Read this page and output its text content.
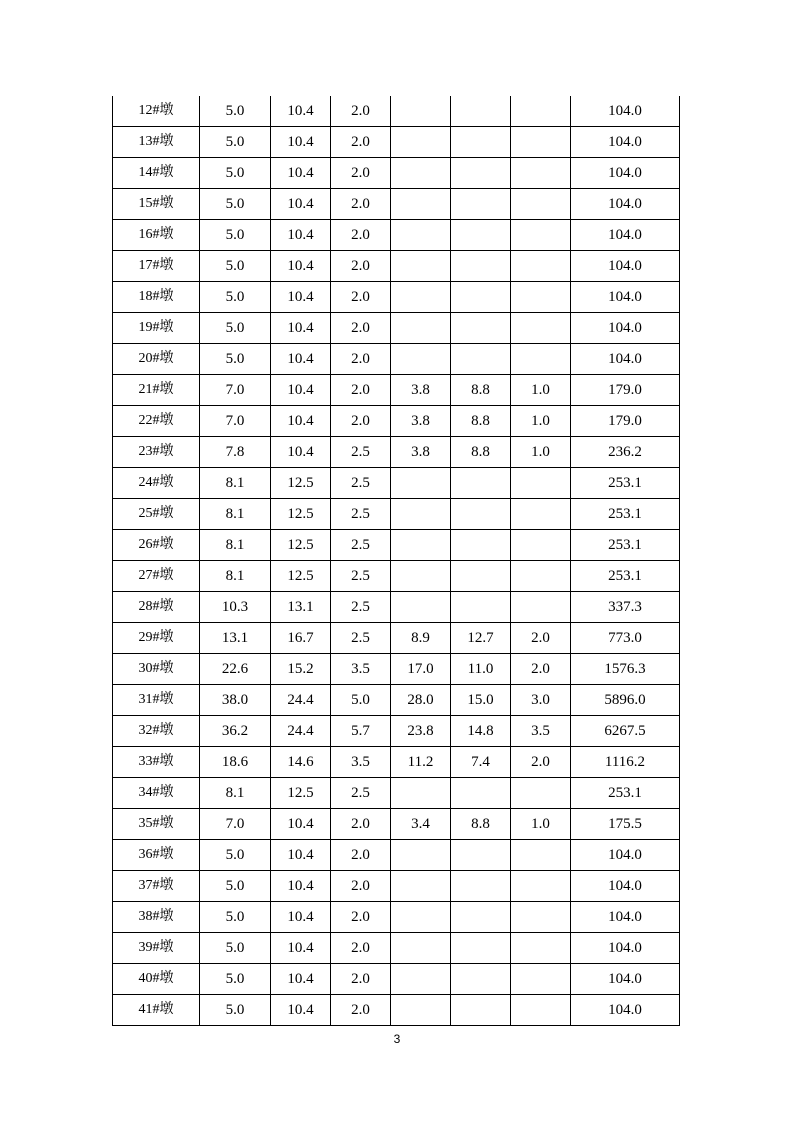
12#墩	5.0	10.4	2.0				104.0
13#墩	5.0	10.4	2.0				104.0
14#墩	5.0	10.4	2.0				104.0
15#墩	5.0	10.4	2.0				104.0
16#墩	5.0	10.4	2.0				104.0
17#墩	5.0	10.4	2.0				104.0
18#墩	5.0	10.4	2.0				104.0
19#墩	5.0	10.4	2.0				104.0
20#墩	5.0	10.4	2.0				104.0
21#墩	7.0	10.4	2.0	3.8	8.8	1.0	179.0
22#墩	7.0	10.4	2.0	3.8	8.8	1.0	179.0
23#墩	7.8	10.4	2.5	3.8	8.8	1.0	236.2
24#墩	8.1	12.5	2.5				253.1
25#墩	8.1	12.5	2.5				253.1
26#墩	8.1	12.5	2.5				253.1
27#墩	8.1	12.5	2.5				253.1
28#墩	10.3	13.1	2.5				337.3
29#墩	13.1	16.7	2.5	8.9	12.7	2.0	773.0
30#墩	22.6	15.2	3.5	17.0	11.0	2.0	1576.3
31#墩	38.0	24.4	5.0	28.0	15.0	3.0	5896.0
32#墩	36.2	24.4	5.7	23.8	14.8	3.5	6267.5
33#墩	18.6	14.6	3.5	11.2	7.4	2.0	1116.2
34#墩	8.1	12.5	2.5				253.1
35#墩	7.0	10.4	2.0	3.4	8.8	1.0	175.5
36#墩	5.0	10.4	2.0				104.0
37#墩	5.0	10.4	2.0				104.0
38#墩	5.0	10.4	2.0				104.0
39#墩	5.0	10.4	2.0				104.0
40#墩	5.0	10.4	2.0				104.0
41#墩	5.0	10.4	2.0				104.0
3
